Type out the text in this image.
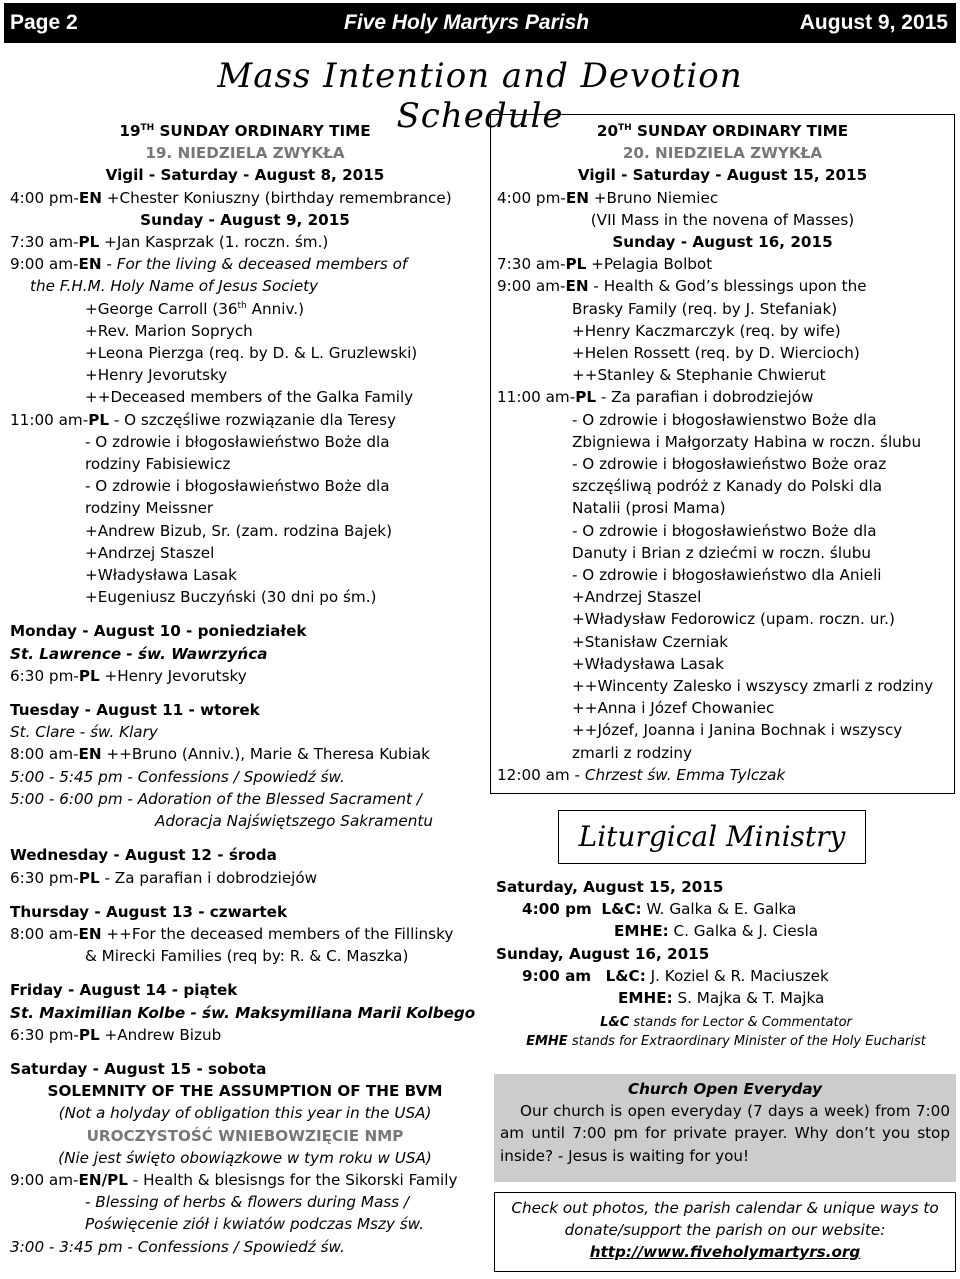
Page 2	Five Holy Martyrs Parish	August 9, 2015
Mass Intention and Devotion Schedule
19TH SUNDAY ORDINARY TIME
19. NIEDZIELA ZWYKŁA
Vigil - Saturday - August 8, 2015
4:00 pm-EN +Chester Koniuszny (birthday remembrance)
Sunday - August 9, 2015
7:30 am-PL +Jan Kasprzak (1. roczn. śm.)
9:00 am-EN - For the living & deceased members of
the F.H.M. Holy Name of Jesus Society
+George Carroll (36th Anniv.)
+Rev. Marion Soprych
+Leona Pierzga (req. by D. & L. Gruzlewski)
+Henry Jevorutsky
++Deceased members of the Galka Family
11:00 am-PL - O szczęśliwe rozwiązanie dla Teresy
- O zdrowie i błogosławieństwo Boże dla
rodziny Fabisiewicz
- O zdrowie i błogosławieństwo Boże dla
rodziny Meissner
+Andrew Bizub, Sr. (zam. rodzina Bajek)
+Andrzej Staszel
+Władysława Lasak
+Eugeniusz Buczyński (30 dni po śm.)
Monday - August 10 - poniedziałek
St. Lawrence - św. Wawrzyńca
6:30 pm-PL +Henry Jevorutsky
Tuesday - August 11 - wtorek
St. Clare - św. Klary
8:00 am-EN ++Bruno (Anniv.), Marie & Theresa Kubiak
5:00 - 5:45 pm - Confessions / Spowiedź św.
5:00 - 6:00 pm - Adoration of the Blessed Sacrament /
Adoracja Najświętszego Sakramentu
Wednesday - August 12 - środa
6:30 pm-PL - Za parafian i dobrodziejów
Thursday - August 13 - czwartek
8:00 am-EN ++For the deceased members of the Fillinsky
& Mirecki Families (req by: R. & C. Maszka)
Friday - August 14 - piątek
St. Maximilian Kolbe - św. Maksymiliana Marii Kolbego
6:30 pm-PL +Andrew Bizub
Saturday - August 15 - sobota
SOLEMNITY OF THE ASSUMPTION OF THE BVM
(Not a holyday of obligation this year in the USA)
UROCZYSTOŚĆ WNIEBOWZIĘCIE NMP
(Nie jest święto obowiązkowe w tym roku w USA)
9:00 am-EN/PL - Health & blesisngs for the Sikorski Family
- Blessing of herbs & flowers during Mass /
Poświęcenie ziół i kwiatów podczas Mszy św.
3:00 - 3:45 pm - Confessions / Spowiedź św.
20TH SUNDAY ORDINARY TIME
20. NIEDZIELA ZWYKŁA
Vigil - Saturday - August 15, 2015
4:00 pm-EN +Bruno Niemiec
(VII Mass in the novena of Masses)
Sunday - August 16, 2015
7:30 am-PL +Pelagia Bolbot
9:00 am-EN - Health & God’s blessings upon the
Brasky Family (req. by J. Stefaniak)
+Henry Kaczmarczyk (req. by wife)
+Helen Rossett (req. by D. Wiercioch)
++Stanley & Stephanie Chwierut
11:00 am-PL - Za parafian i dobrodziejów
- O zdrowie i błogosławienstwo Boże dla
Zbigniewa i Małgorzaty Habina w roczn. ślubu
- O zdrowie i błogosławieństwo Boże oraz
szczęśliwą podróż z Kanady do Polski dla
Natalii (prosi Mama)
- O zdrowie i błogosławieństwo Boże dla
Danuty i Brian z dziećmi w roczn. ślubu
- O zdrowie i błogosławieństwo dla Anieli
+Andrzej Staszel
+Władysław Fedorowicz (upam. roczn. ur.)
+Stanisław Czerniak
+Władysława Lasak
++Wincenty Zalesko i wszyscy zmarli z rodziny
++Anna i Józef Chowaniec
++Józef, Joanna i Janina Bochnak i wszyscy
zmarli z rodziny
12:00 am - Chrzest św. Emma Tylczak
Liturgical Ministry
Saturday, August 15, 2015
4:00 pm L&C: W. Galka & E. Galka
EMHE: C. Galka & J. Ciesla
Sunday, August 16, 2015
9:00 am L&C: J. Koziel & R. Maciuszek
EMHE: S. Majka & T. Majka
L&C stands for Lector & Commentator
EMHE stands for Extraordinary Minister of the Holy Eucharist
Church Open Everyday

Our church is open everyday (7 days a week) from 7:00 am until 7:00 pm for private prayer. Why don’t you stop inside? - Jesus is waiting for you!

Check out photos, the parish calendar & unique ways to donate/support the parish on our website:
http://www.fiveholymartyrs.org
